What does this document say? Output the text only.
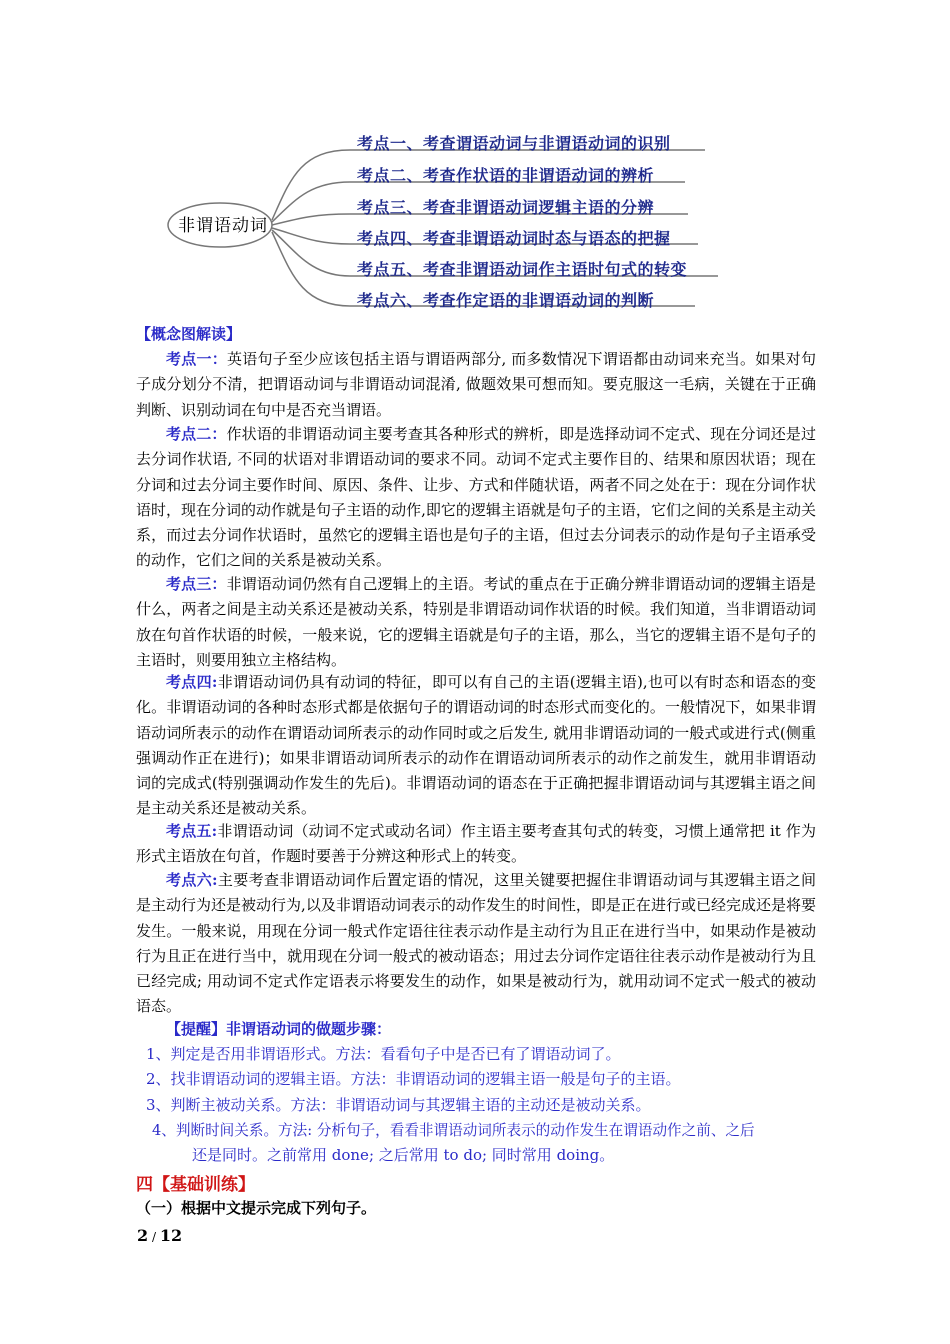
非谓语动词
考点一、考查谓语动词与非谓语动词的识别
考点二、考查作状语的非谓语动词的辨析
考点三、考查非谓语动词逻辑主语的分辨
考点四、考查非谓语动词时态与语态的把握
考点五、考查非谓语动词作主语时句式的转变
考点六、考查作定语的非谓语动词的判断
【概念图解读】
考点一：英语句子至少应该包括主语与谓语两部分, 而多数情况下谓语都由动词来充当。如果对句子成分划分不清，把谓语动词与非谓语动词混淆, 做题效果可想而知。要克服这一毛病，关键在于正确判断、识别动词在句中是否充当谓语。
考点二：作状语的非谓语动词主要考查其各种形式的辨析，即是选择动词不定式、现在分词还是过去分词作状语, 不同的状语对非谓语动词的要求不同。动词不定式主要作目的、结果和原因状语；现在分词和过去分词主要作时间、原因、条件、让步、方式和伴随状语，两者不同之处在于：现在分词作状语时，现在分词的动作就是句子主语的动作,即它的逻辑主语就是句子的主语，它们之间的关系是主动关系，而过去分词作状语时，虽然它的逻辑主语也是句子的主语，但过去分词表示的动作是句子主语承受的动作，它们之间的关系是被动关系。
考点三：非谓语动词仍然有自己逻辑上的主语。考试的重点在于正确分辨非谓语动词的逻辑主语是什么，两者之间是主动关系还是被动关系，特别是非谓语动词作状语的时候。我们知道，当非谓语动词放在句首作状语的时候，一般来说，它的逻辑主语就是句子的主语，那么，当它的逻辑主语不是句子的主语时，则要用独立主格结构。
考点四:非谓语动词仍具有动词的特征，即可以有自己的主语(逻辑主语),也可以有时态和语态的变化。非谓语动词的各种时态形式都是依据句子的谓语动词的时态形式而变化的。一般情况下，如果非谓语动词所表示的动作在谓语动词所表示的动作同时或之后发生, 就用非谓语动词的一般式或进行式(侧重强调动作正在进行)；如果非谓语动词所表示的动作在谓语动词所表示的动作之前发生，就用非谓语动词的完成式(特别强调动作发生的先后)。非谓语动词的语态在于正确把握非谓语动词与其逻辑主语之间是主动关系还是被动关系。
考点五:非谓语动词（动词不定式或动名词）作主语主要考查其句式的转变，习惯上通常把 it 作为形式主语放在句首，作题时要善于分辨这种形式上的转变。
考点六:主要考查非谓语动词作后置定语的情况，这里关键要把握住非谓语动词与其逻辑主语之间是主动行为还是被动行为,以及非谓语动词表示的动作发生的时间性，即是正在进行或已经完成还是将要发生。一般来说，用现在分词一般式作定语往往表示动作是主动行为且正在进行当中，如果动作是被动行为且正在进行当中，就用现在分词一般式的被动语态；用过去分词作定语往往表示动作是被动行为且已经完成; 用动词不定式作定语表示将要发生的动作，如果是被动行为，就用动词不定式一般式的被动语态。
【提醒】非谓语动词的做题步骤：
1、判定是否用非谓语形式。方法：看看句子中是否已有了谓语动词了。
2、找非谓语动词的逻辑主语。方法：非谓语动词的逻辑主语一般是句子的主语。
3、判断主被动关系。方法：非谓语动词与其逻辑主语的主动还是被动关系。
4、判断时间关系。方法: 分析句子，看看非谓语动词所表示的动作发生在谓语动作之前、之后
还是同时。之前常用 done; 之后常用 to do; 同时常用 doing。
四【基础训练】
（一）根据中文提示完成下列句子。
2 / 12
